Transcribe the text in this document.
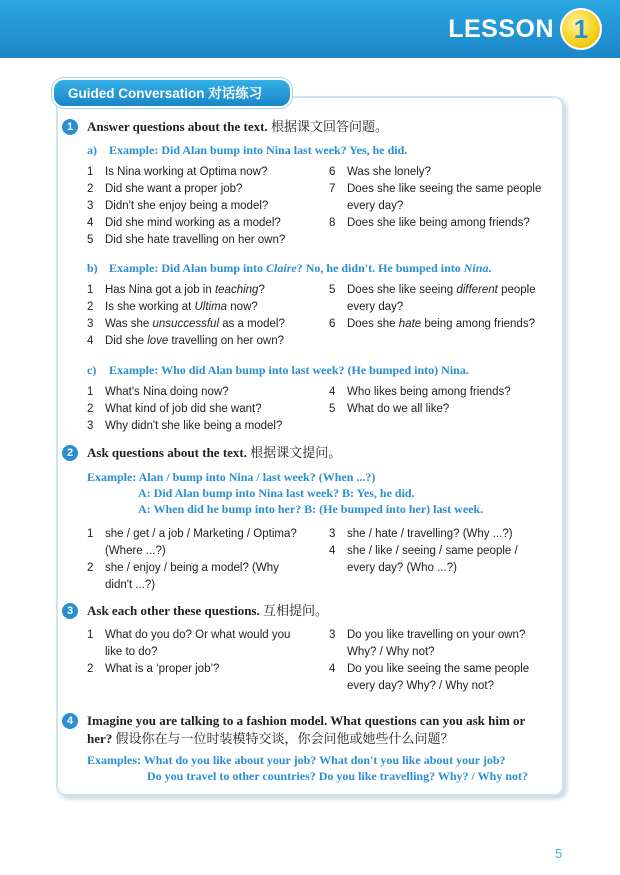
LESSON 1
Guided Conversation 对话练习
1	Answer questions about the text. 根据课文回答问题。
a) Example: Did Alan bump into Nina last week? Yes, he did.
1 Is Nina working at Optima now?
2 Did she want a proper job?
3 Didn't she enjoy being a model?
4 Did she mind working as a model?
5 Did she hate travelling on her own?
6 Was she lonely?
7 Does she like seeing the same people
every day?
8 Does she like being among friends?
b) Example: Did Alan bump into Claire? No, he didn't. He bumped into Nina.
1 Has Nina got a job in teaching?
2 Is she working at Ultima now?
3 Was she unsuccessful as a model?
4 Did she love travelling on her own?
5 Does she like seeing different people
every day?
6 Does she hate being among friends?
c) Example: Who did Alan bump into last week? (He bumped into) Nina.
1 What's Nina doing now?
2 What kind of job did she want?
3 Why didn't she like being a model?
4 Who likes being among friends?
5 What do we all like?
2	Ask questions about the text. 根据课文提问。
Example: Alan / bump into Nina / last week? (When ...?)
A: Did Alan bump into Nina last week? B: Yes, he did.
A: When did he bump into her? B: (He bumped into her) last week.
1 she / get / a job / Marketing / Optima?
(Where ...?)
2 she / enjoy / being a model? (Why
didn't ...?)
3 she / hate / travelling? (Why ...?)
4 she / like / seeing / same people /
every day? (Who ...?)
3	Ask each other these questions. 互相提问。
1 What do you do? Or what would you
like to do?
2 What is a ‘proper job’?
3 Do you like travelling on your own?
Why? / Why not?
4 Do you like seeing the same people
every day? Why? / Why not?
4	Imagine you are talking to a fashion model. What questions can you ask him or
her? 假设你在与一位时装模特交谈，你会问他或她些什么问题？
Examples: What do you like about your job? What don't you like about your job?
Do you travel to other countries? Do you like travelling? Why? / Why not?
5
